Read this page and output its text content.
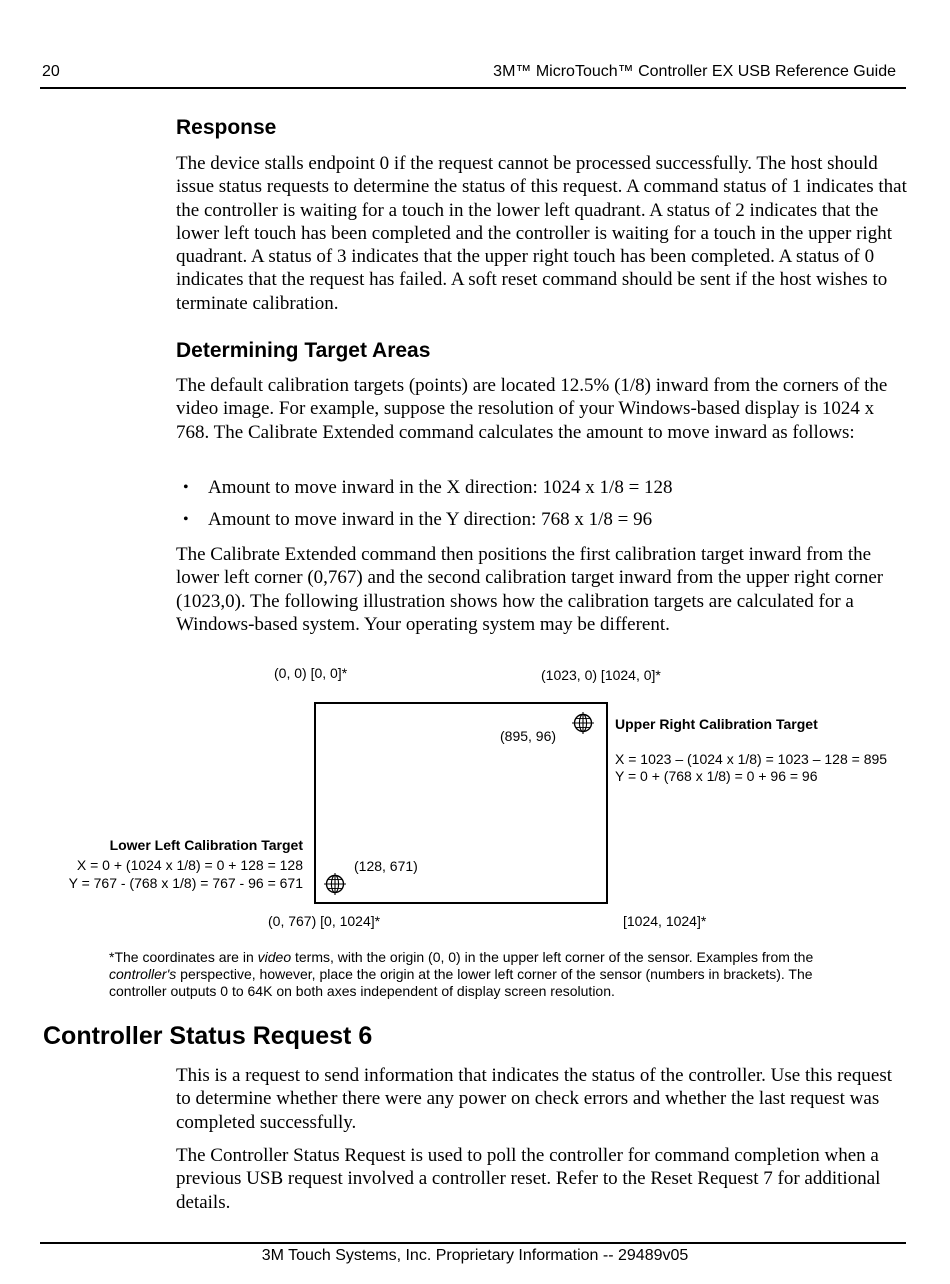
20	3M™ MicroTouch™ Controller EX USB Reference Guide
Response
The device stalls endpoint 0 if the request cannot be processed successfully. The host should issue status requests to determine the status of this request. A command status of 1 indicates that the controller is waiting for a touch in the lower left quadrant. A status of 2 indicates that the lower left touch has been completed and the controller is waiting for a touch in the upper right quadrant. A status of 3 indicates that the upper right touch has been completed. A status of 0 indicates that the request has failed. A soft reset command should be sent if the host wishes to terminate calibration.
Determining Target Areas
The default calibration targets (points) are located 12.5% (1/8) inward from the corners of the video image. For example, suppose the resolution of your Windows-based display is 1024 x 768. The Calibrate Extended command calculates the amount to move inward as follows:
• Amount to move inward in the X direction: 1024 x 1/8 = 128
• Amount to move inward in the Y direction: 768 x 1/8 = 96
The Calibrate Extended command then positions the first calibration target inward from the lower left corner (0,767) and the second calibration target inward from the upper right corner (1023,0). The following illustration shows how the calibration targets are calculated for a Windows-based system. Your operating system may be different.
(0, 0) [0, 0]*	(1023, 0) [1024, 0]*
(0, 767) [0, 1024]*	[1024, 1024]*
(895, 96)
(128, 671)
Upper Right Calibration Target
X = 1023 – (1024 x 1/8) = 1023 – 128 = 895
Y = 0 + (768 x 1/8) = 0 + 96 = 96
Lower Left Calibration Target
X = 0 + (1024 x 1/8) = 0 + 128 = 128
Y = 767 - (768 x 1/8) = 767 - 96 = 671
*The coordinates are in video terms, with the origin (0, 0) in the upper left corner of the sensor. Examples from the controller's perspective, however, place the origin at the lower left corner of the sensor (numbers in brackets). The controller outputs 0 to 64K on both axes independent of display screen resolution.
Controller Status Request 6
This is a request to send information that indicates the status of the controller. Use this request to determine whether there were any power on check errors and whether the last request was completed successfully.
The Controller Status Request is used to poll the controller for command completion when a previous USB request involved a controller reset. Refer to the Reset Request 7 for additional details.
3M Touch Systems, Inc. Proprietary Information -- 29489v05
